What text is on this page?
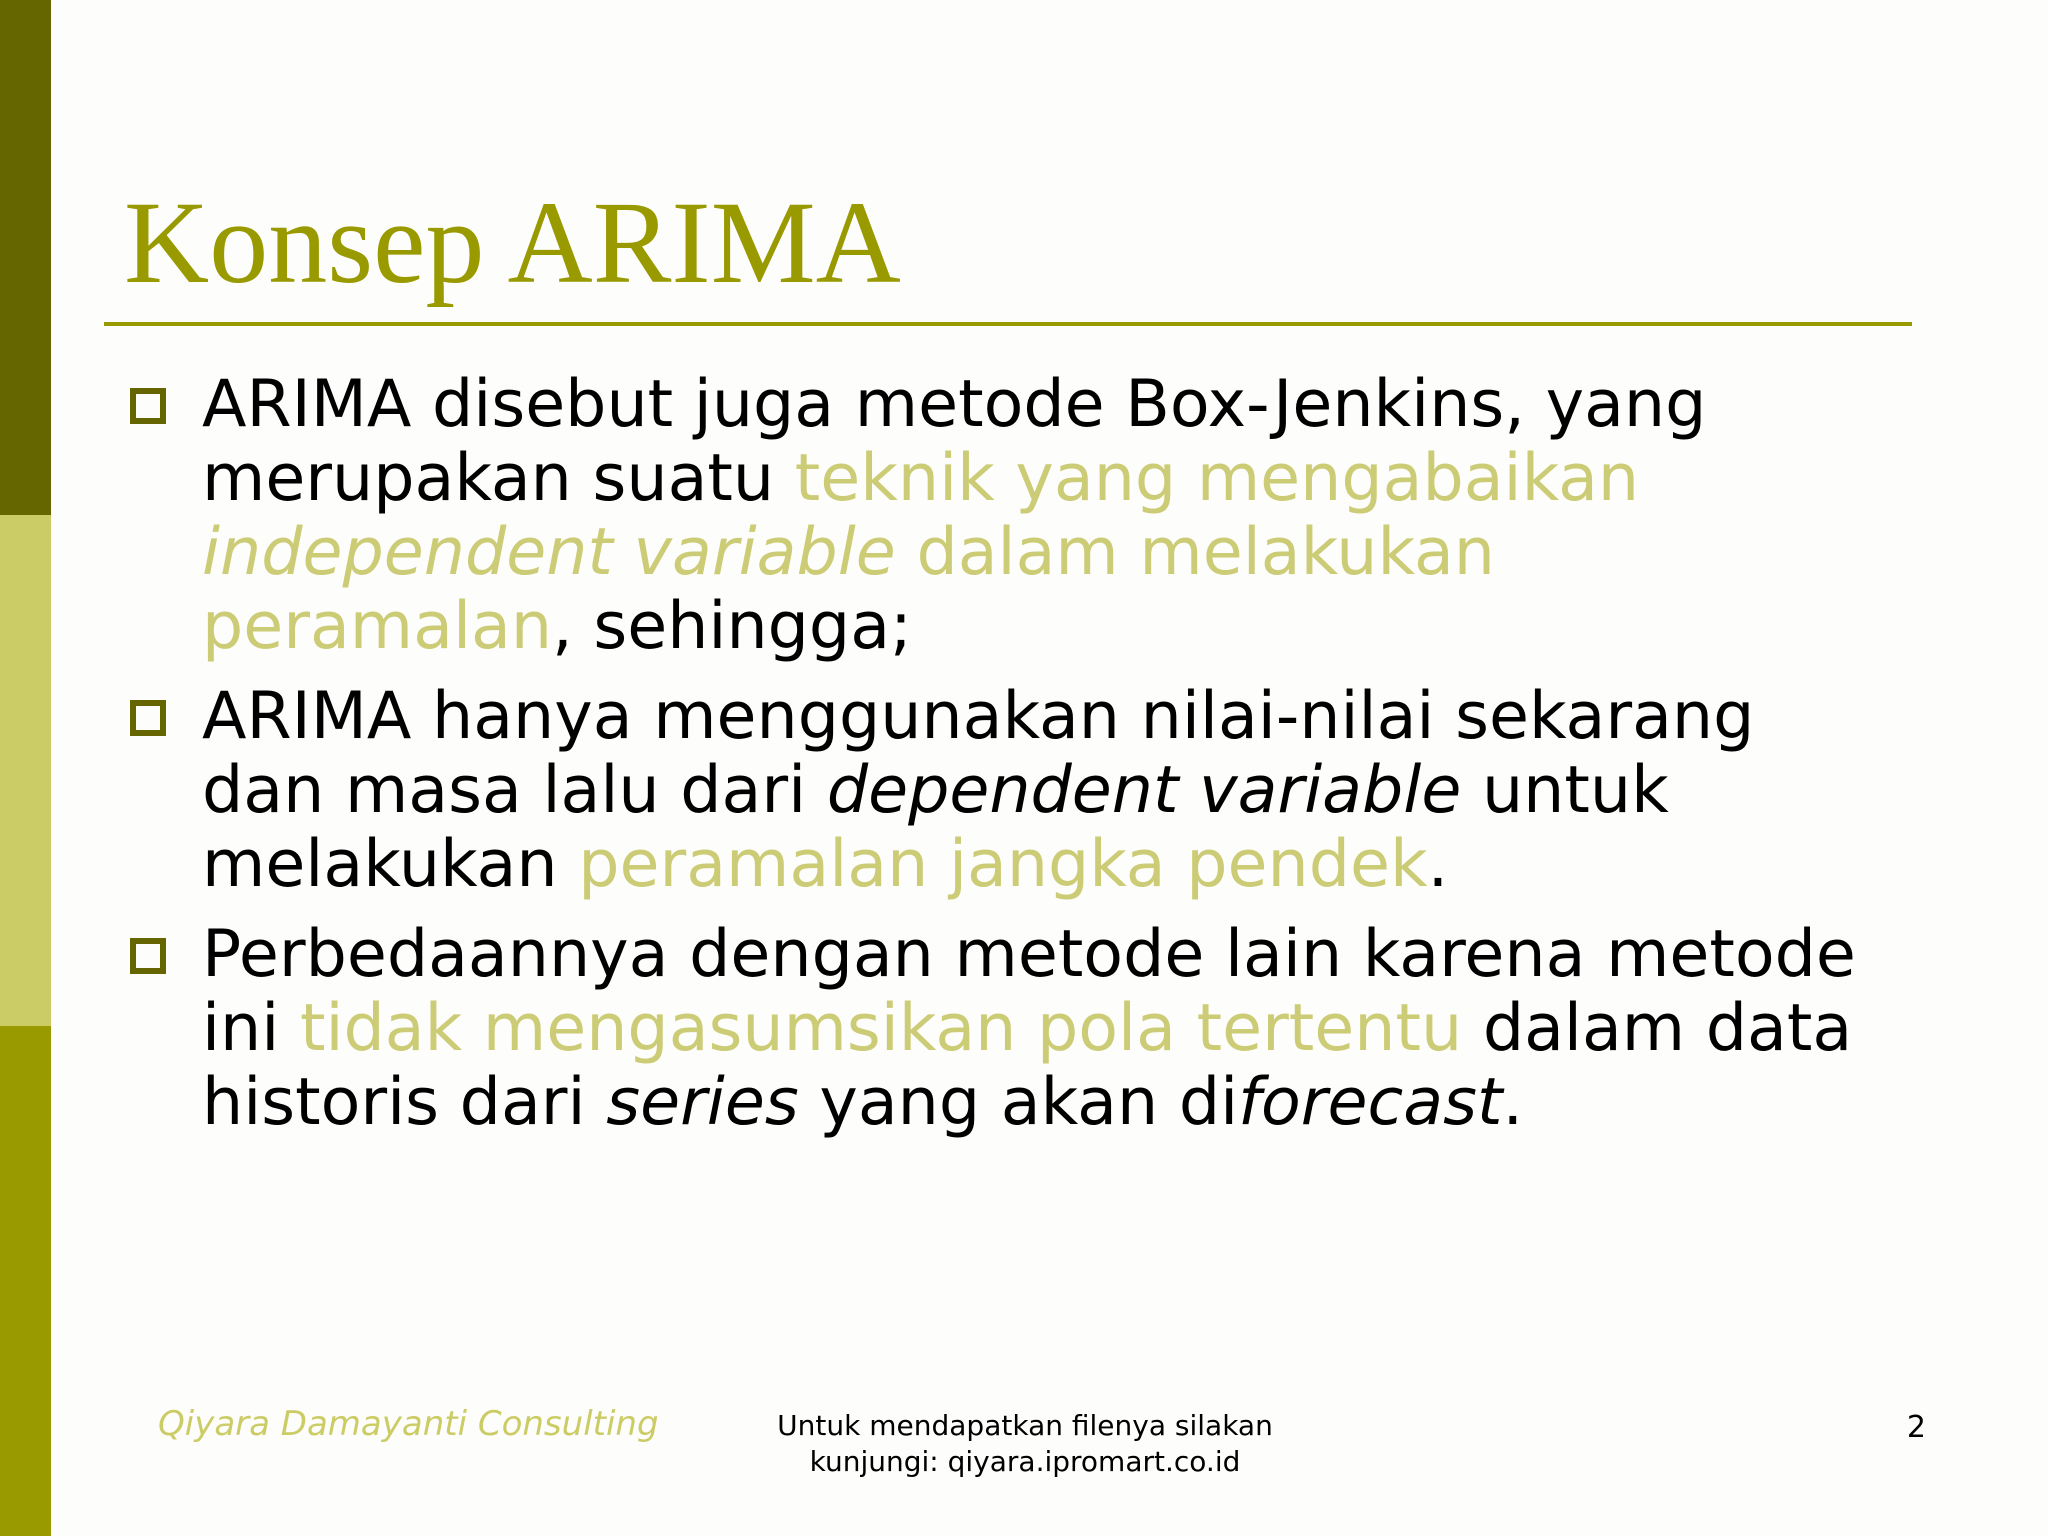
Konsep ARIMA
ARIMA disebut juga metode Box-Jenkins, yang merupakan suatu teknik yang mengabaikan independent variable dalam melakukan peramalan, sehingga;
ARIMA hanya menggunakan nilai-nilai sekarang dan masa lalu dari dependent variable untuk melakukan peramalan jangka pendek.
Perbedaannya dengan metode lain karena metode ini tidak mengasumsikan pola tertentu dalam data historis dari series yang akan diforecast.
Qiyara Damayanti Consulting	Untuk mendapatkan filenya silakan
kunjungi: qiyara.ipromart.co.id
2
